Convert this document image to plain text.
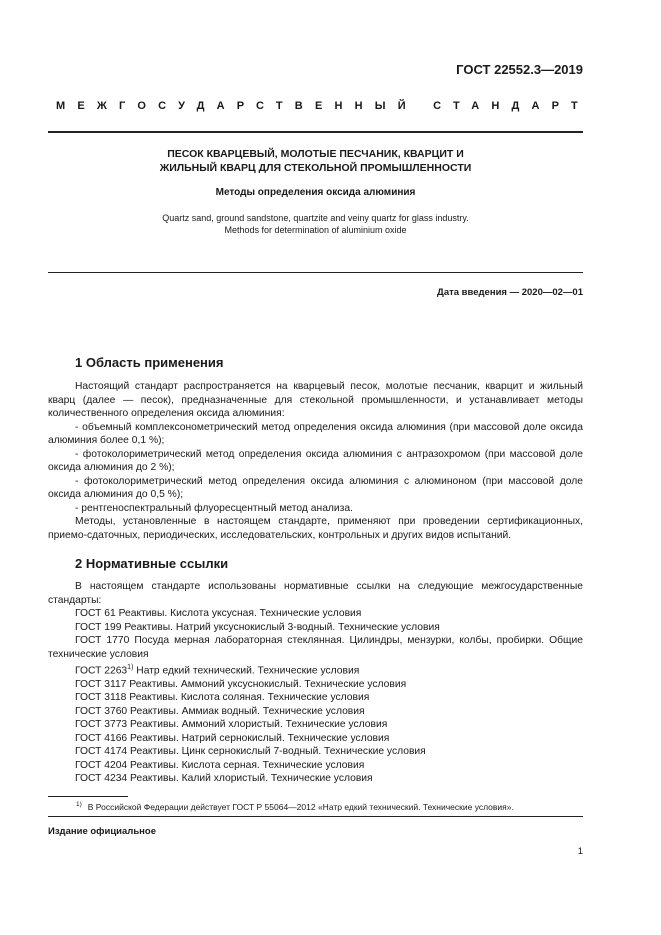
ГОСТ 22552.3—2019
МЕЖГОСУДАРСТВЕННЫЙ СТАНДАРТ
ПЕСОК КВАРЦЕВЫЙ, МОЛОТЫЕ ПЕСЧАНИК, КВАРЦИТ И
ЖИЛЬНЫЙ КВАРЦ ДЛЯ СТЕКОЛЬНОЙ ПРОМЫШЛЕННОСТИ
Методы определения оксида алюминия
Quartz sand, ground sandstone, quartzite and veiny quartz for glass industry.
Methods for determination of aluminium oxide
Дата введения — 2020—02—01
1 Область применения

Настоящий стандарт распространяется на кварцевый песок, молотые песчаник, кварцит и жильный кварц (далее — песок), предназначенные для стекольной промышленности, и устанавливает методы количественного определения оксида алюминия:

- объемный комплексонометрический метод определения оксида алюминия (при массовой доле оксида алюминия более 0,1 %);

- фотоколориметрический метод определения оксида алюминия с антразохромом (при массовой доле оксида алюминия до 2 %);

- фотоколориметрический метод определения оксида алюминия с алюминоном (при массовой доле оксида алюминия до 0,5 %);

- рентгеноспектральный флуоресцентный метод анализа.

Методы, установленные в настоящем стандарте, применяют при проведении сертификационных, приемо-сдаточных, периодических, исследовательских, контрольных и других видов испытаний.

2 Нормативные ссылки

В настоящем стандарте использованы нормативные ссылки на следующие межгосударственные стандарты:

ГОСТ 61 Реактивы. Кислота уксусная. Технические условия

ГОСТ 199 Реактивы. Натрий уксуснокислый 3-водный. Технические условия

ГОСТ 1770 Посуда мерная лабораторная стеклянная. Цилиндры, мензурки, колбы, пробирки. Общие технические условия

ГОСТ 2263$^{1)}$ Натр едкий технический. Технические условия

ГОСТ 3117 Реактивы. Аммоний уксуснокислый. Технические условия

ГОСТ 3118 Реактивы. Кислота соляная. Технические условия

ГОСТ 3760 Реактивы. Аммиак водный. Технические условия

ГОСТ 3773 Реактивы. Аммоний хлористый. Технические условия

ГОСТ 4166 Реактивы. Натрий сернокислый. Технические условия

ГОСТ 4174 Реактивы. Цинк сернокислый 7-водный. Технические условия

ГОСТ 4204 Реактивы. Кислота серная. Технические условия

ГОСТ 4234 Реактивы. Калий хлористый. Технические условия

$^{1)}$ В Российской Федерации действует ГОСТ Р 55064—2012 «Натр едкий технический. Технические условия».
Издание официальное
1
